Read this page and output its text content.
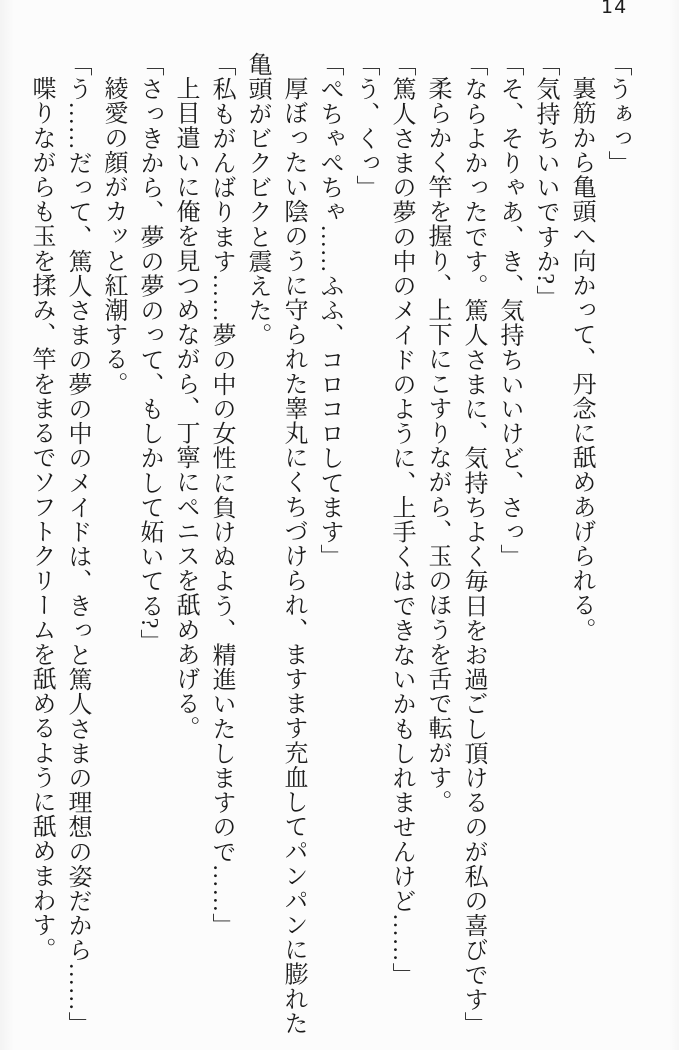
14

「うぁっ」

裏筋から亀頭へ向かって、丹念に舐めあげられる。

「気持ちいいですか?」

「そ、そりゃあ、き、気持ちいいけど、さっ」

「ならよかったです。篤人さまに、気持ちよく毎日をお過ごし頂けるのが私の喜びです」

柔らかく竿を握り、上下にこすりながら、玉のほうを舌で転がす。

「篤人さまの夢の中のメイドのように、上手くはできないかもしれませんけど……」

「う、くっ」

「ぺちゃぺちゃ……ふふ、コロコロしてます」

厚ぼったい陰のうに守られた睾丸にくちづけられ、ますます充血してパンパンに膨れた亀頭がビクビクと震えた。

「私もがんばります……夢の中の女性に負けぬよう、精進いたしますので……」

上目遣いに俺を見つめながら、丁寧にペニスを舐めあげる。

「さっきから、夢の夢のって、もしかして妬いてる?」

綾愛の顔がカッと紅潮する。

「う……だって、篤人さまの夢の中のメイドは、きっと篤人さまの理想の姿だから……」

喋りながらも玉を揉み、竿をまるでソフトクリームを舐めるように舐めまわす。
